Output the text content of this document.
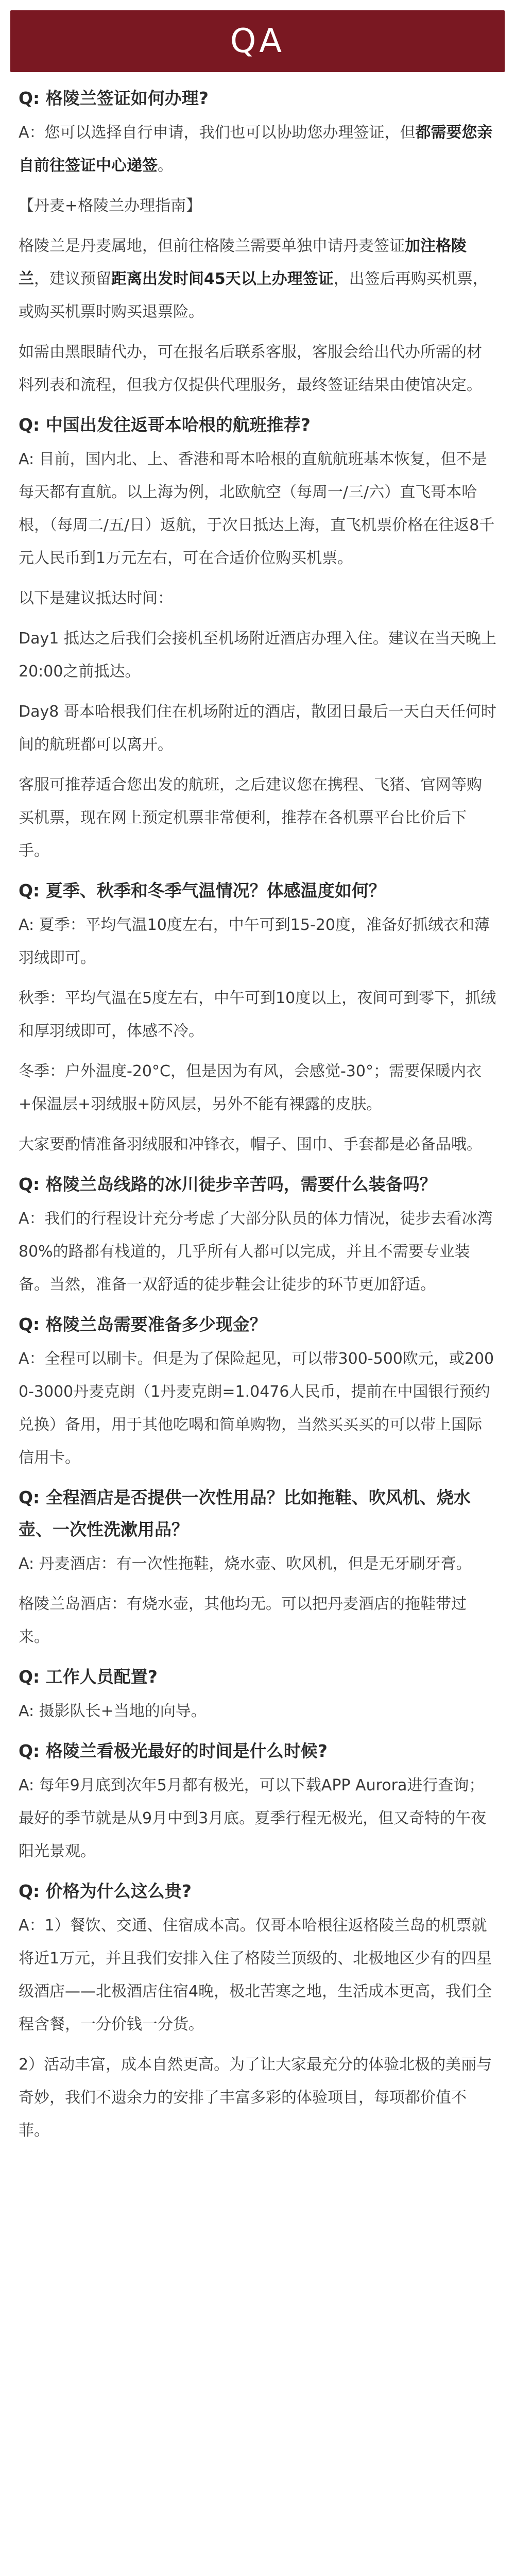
QA
Q: 格陵兰签证如何办理?
A：您可以选择自行申请，我们也可以协助您办理签证，但都需要您亲自前往签证中心递签。
【丹麦+格陵兰办理指南】
格陵兰是丹麦属地，但前往格陵兰需要单独申请丹麦签证加注格陵兰，建议预留距离出发时间45天以上办理签证，出签后再购买机票，或购买机票时购买退票险。
如需由黑眼睛代办，可在报名后联系客服，客服会给出代办所需的材料列表和流程，但我方仅提供代理服务，最终签证结果由使馆决定。
Q: 中国出发往返哥本哈根的航班推荐?
A: 目前，国内北、上、香港和哥本哈根的直航航班基本恢复，但不是每天都有直航。以上海为例，北欧航空（每周一/三/六）直飞哥本哈根，（每周二/五/日）返航，于次日抵达上海，直飞机票价格在往返8千元人民币到1万元左右，可在合适价位购买机票。
以下是建议抵达时间：
Day1 抵达之后我们会接机至机场附近酒店办理入住。建议在当天晚上20:00之前抵达。
Day8 哥本哈根我们住在机场附近的酒店，散团日最后一天白天任何时间的航班都可以离开。
客服可推荐适合您出发的航班，之后建议您在携程、飞猪、官网等购买机票，现在网上预定机票非常便利，推荐在各机票平台比价后下手。
Q: 夏季、秋季和冬季气温情况？体感温度如何？
A: 夏季：平均气温10度左右，中午可到15-20度，准备好抓绒衣和薄羽绒即可。
秋季：平均气温在5度左右，中午可到10度以上，夜间可到零下，抓绒和厚羽绒即可，体感不冷。
冬季：户外温度-20°C，但是因为有风，会感觉-30°；需要保暖内衣+保温层+羽绒服+防风层，另外不能有裸露的皮肤。
大家要酌情准备羽绒服和冲锋衣，帽子、围巾、手套都是必备品哦。
Q: 格陵兰岛线路的冰川徒步辛苦吗，需要什么装备吗？
A：我们的行程设计充分考虑了大部分队员的体力情况，徒步去看冰湾80%的路都有栈道的，几乎所有人都可以完成，并且不需要专业装备。当然，准备一双舒适的徒步鞋会让徒步的环节更加舒适。
Q: 格陵兰岛需要准备多少现金？
A：全程可以刷卡。但是为了保险起见，可以带300-500欧元，或2000-3000丹麦克朗（1丹麦克朗=1.0476人民币，提前在中国银行预约兑换）备用，用于其他吃喝和简单购物，当然买买买的可以带上国际信用卡。
Q: 全程酒店是否提供一次性用品？比如拖鞋、吹风机、烧水壶、一次性洗漱用品？
A: 丹麦酒店：有一次性拖鞋，烧水壶、吹风机，但是无牙刷牙膏。
格陵兰岛酒店：有烧水壶，其他均无。可以把丹麦酒店的拖鞋带过来。
Q: 工作人员配置?
A: 摄影队长+当地的向导。
Q: 格陵兰看极光最好的时间是什么时候?
A: 每年9月底到次年5月都有极光，可以下载APP Aurora进行查询；最好的季节就是从9月中到3月底。夏季行程无极光，但又奇特的午夜阳光景观。
Q: 价格为什么这么贵?
A：1）餐饮、交通、住宿成本高。仅哥本哈根往返格陵兰岛的机票就将近1万元，并且我们安排入住了格陵兰顶级的、北极地区少有的四星级酒店——北极酒店住宿4晚，极北苦寒之地，生活成本更高，我们全程含餐，一分价钱一分货。
2）活动丰富，成本自然更高。为了让大家最充分的体验北极的美丽与奇妙，我们不遗余力的安排了丰富多彩的体验项目，每项都价值不菲。
